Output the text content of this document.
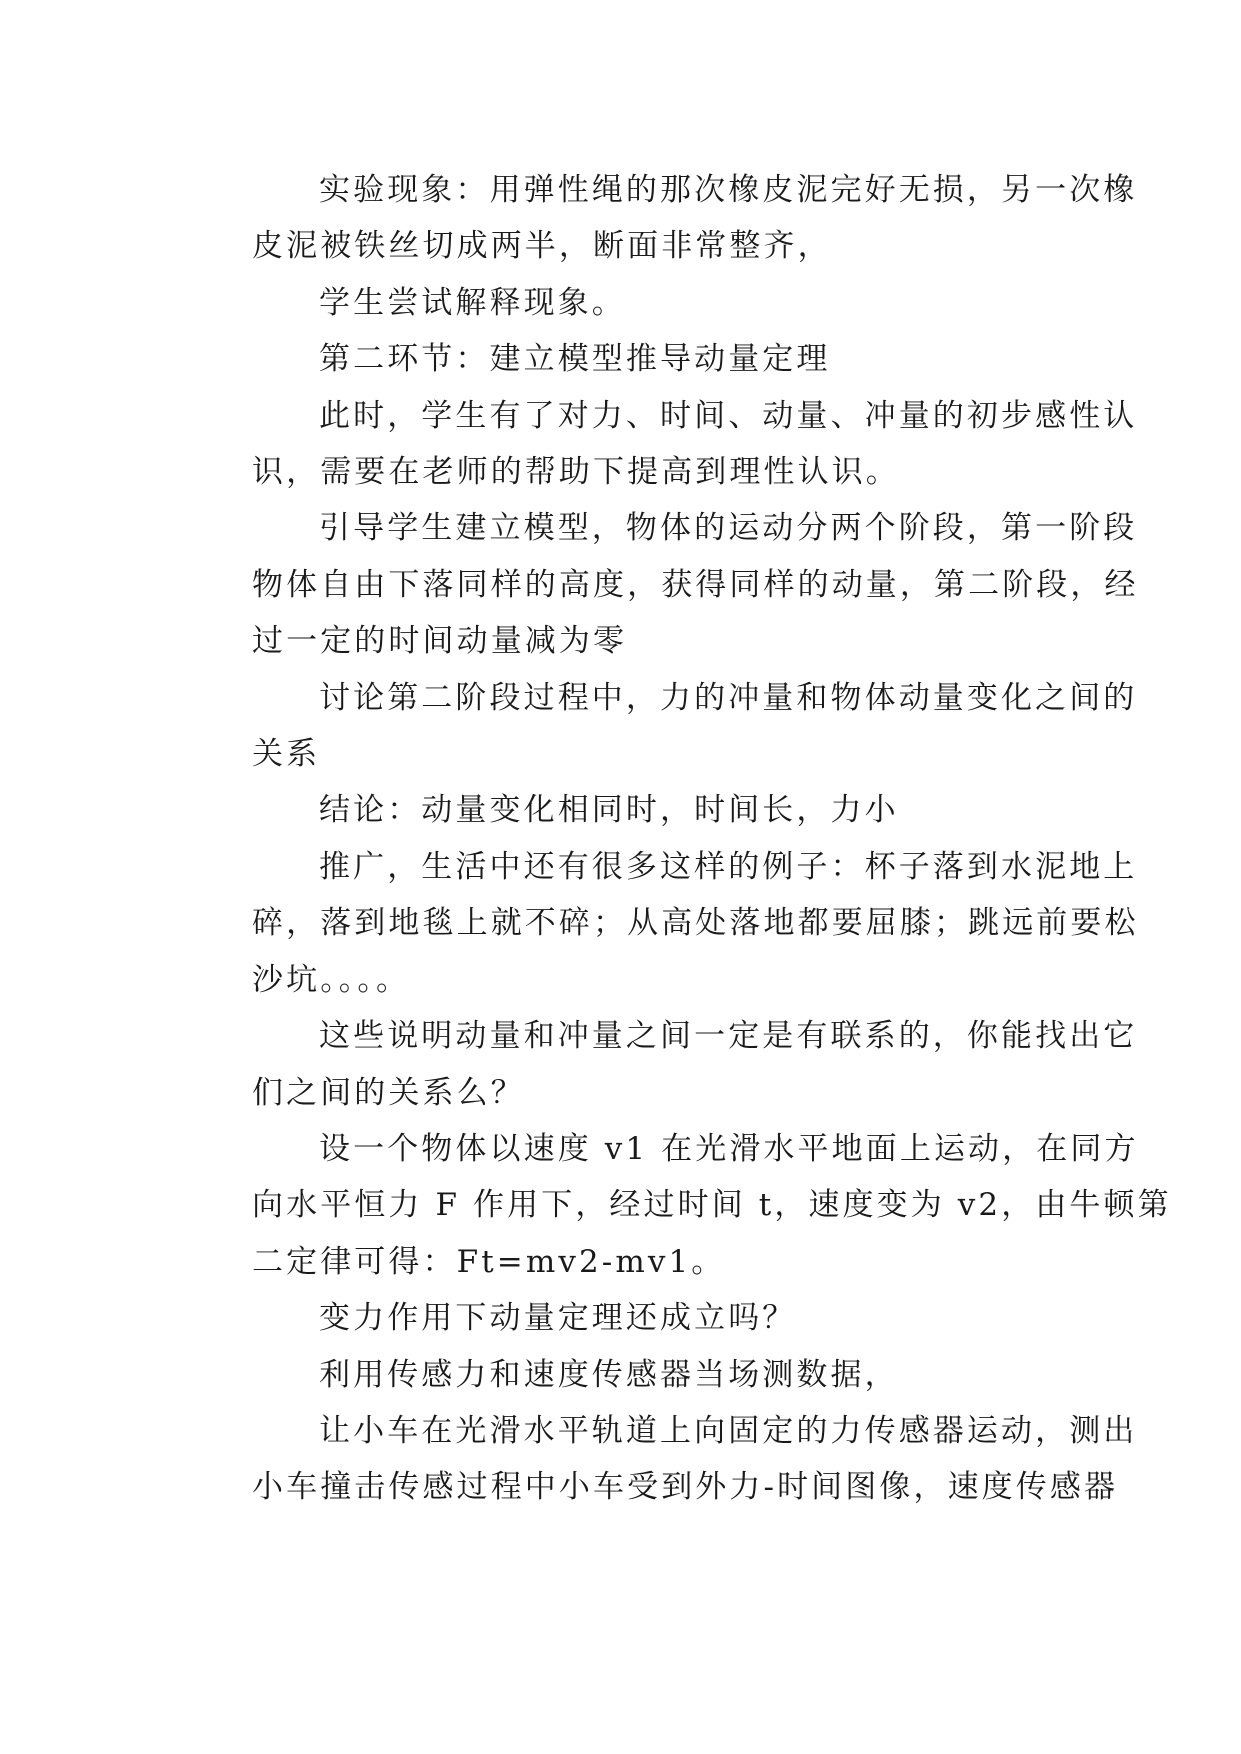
实验现象：用弹性绳的那次橡皮泥完好无损，另一次橡
皮泥被铁丝切成两半，断面非常整齐，
学生尝试解释现象。
第二环节：建立模型推导动量定理
此时，学生有了对力、时间、动量、冲量的初步感性认
识，需要在老师的帮助下提高到理性认识。
引导学生建立模型，物体的运动分两个阶段，第一阶段
物体自由下落同样的高度，获得同样的动量，第二阶段，经
过一定的时间动量减为零
讨论第二阶段过程中，力的冲量和物体动量变化之间的
关系
结论：动量变化相同时，时间长，力小
推广，生活中还有很多这样的例子：杯子落到水泥地上
碎，落到地毯上就不碎；从高处落地都要屈膝；跳远前要松
沙坑。。。。
这些说明动量和冲量之间一定是有联系的，你能找出它
们之间的关系么？
设一个物体以速度 v1 在光滑水平地面上运动，在同方
向水平恒力 F 作用下，经过时间 t，速度变为 v2，由牛顿第
二定律可得：Ft=mv2-mv1。
变力作用下动量定理还成立吗？
利用传感力和速度传感器当场测数据，
让小车在光滑水平轨道上向固定的力传感器运动，测出
小车撞击传感过程中小车受到外力-时间图像，速度传感器
